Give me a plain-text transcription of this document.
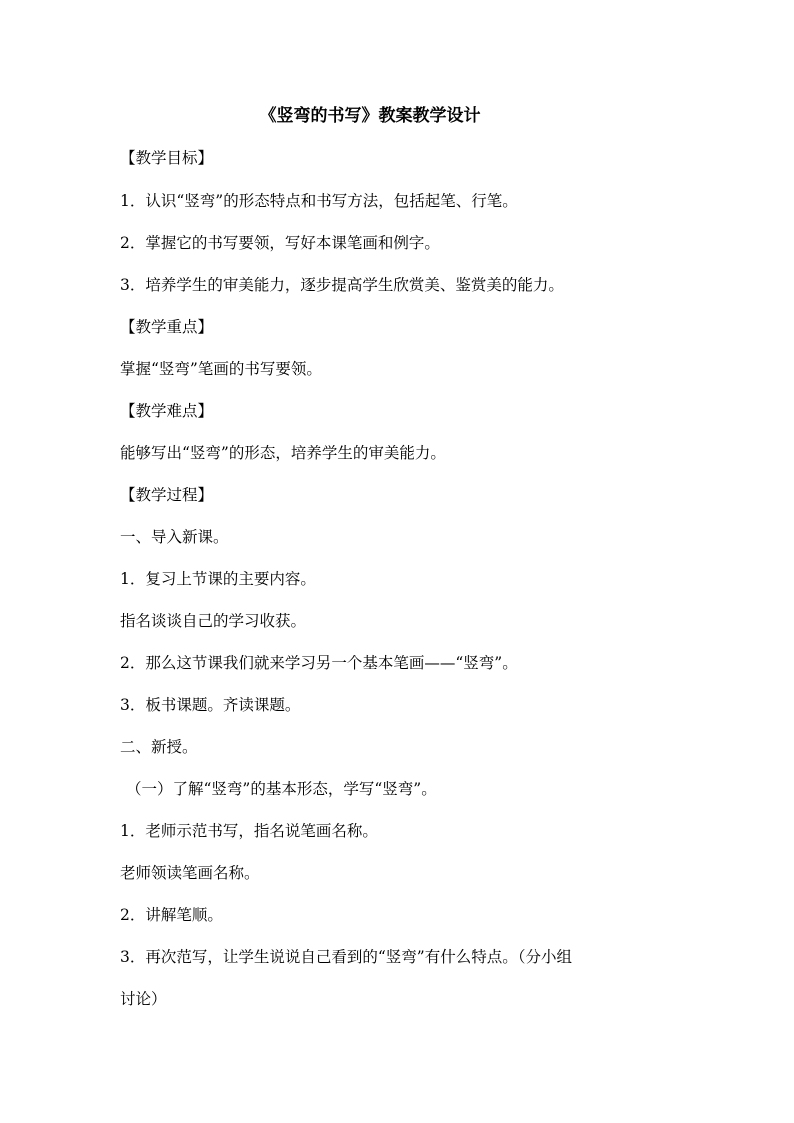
《竖弯的书写》教案教学设计
【教学目标】
1．认识“竖弯”的形态特点和书写方法，包括起笔、行笔。
2．掌握它的书写要领，写好本课笔画和例字。
3．培养学生的审美能力，逐步提高学生欣赏美、鉴赏美的能力。
【教学重点】
掌握“竖弯”笔画的书写要领。
【教学难点】
能够写出“竖弯”的形态，培养学生的审美能力。
【教学过程】
一、导入新课。
1．复习上节课的主要内容。
指名谈谈自己的学习收获。
2．那么这节课我们就来学习另一个基本笔画——“竖弯”。
3．板书课题。齐读课题。
二、新授。
（一）了解“竖弯”的基本形态，学写“竖弯”。
1．老师示范书写，指名说笔画名称。
老师领读笔画名称。
2．讲解笔顺。
3．再次范写，让学生说说自己看到的“竖弯”有什么特点。（分小组
讨论）
